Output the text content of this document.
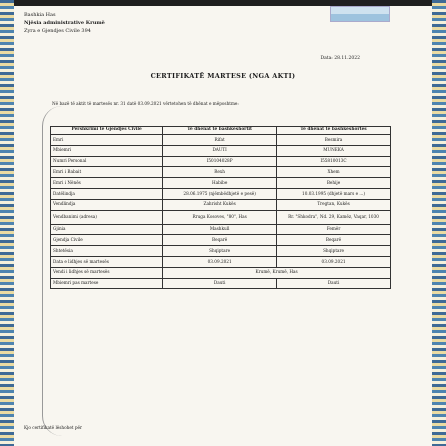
Bashkia Has
Njësia administrative Krumë
Zyra e Gjendjes Civile 394
Data: 28.11.2022
CERTIFIKATË MARTESE (NGA AKTI)
Në bazë të aktit të martesës nr. 31 datë 03.09.2021 vërtetohen të dhënat e mëposhtme:
Përshkrimi të Gjendjes Civile	Të dhënat të bashkëshortit	Të dhënat të bashkëshortes
Emri	Rifat	Besmira
Mbiemri	DAUTI	MUNEKA
Numri Personal	I50104028P	I55810013C
Emri i Babait	Rexh	Xhem
Emri i Nënës	Habibe	Behije
Datëlindja	28.06.1975 (njëmbëdhjetë e pesë)	10.03.1995 (dhjetë mars e ...)
Vendlindja	Zahrisht Kukës	Tregtan, Kukës
Vendbanimi (adresa)	Rruga Kosoves, "80", Has	Rr. "Shkodra", Nd. 29, Kamëz, Vaqar, 1030
Gjinia	Mashkull	Femër
Gjendja Civile	Beqarë	Beqarë
Shtetësia	Shqiptare	Shqiptare
Data e lidhjes së martesës	03.09.2021	03.09.2021
Vendi i lidhjes së martesës	Krumë, Krumë, Has	
Mbiemri pas martese	Dauti	Dauti
Kjo certifikatë lëshohet për
